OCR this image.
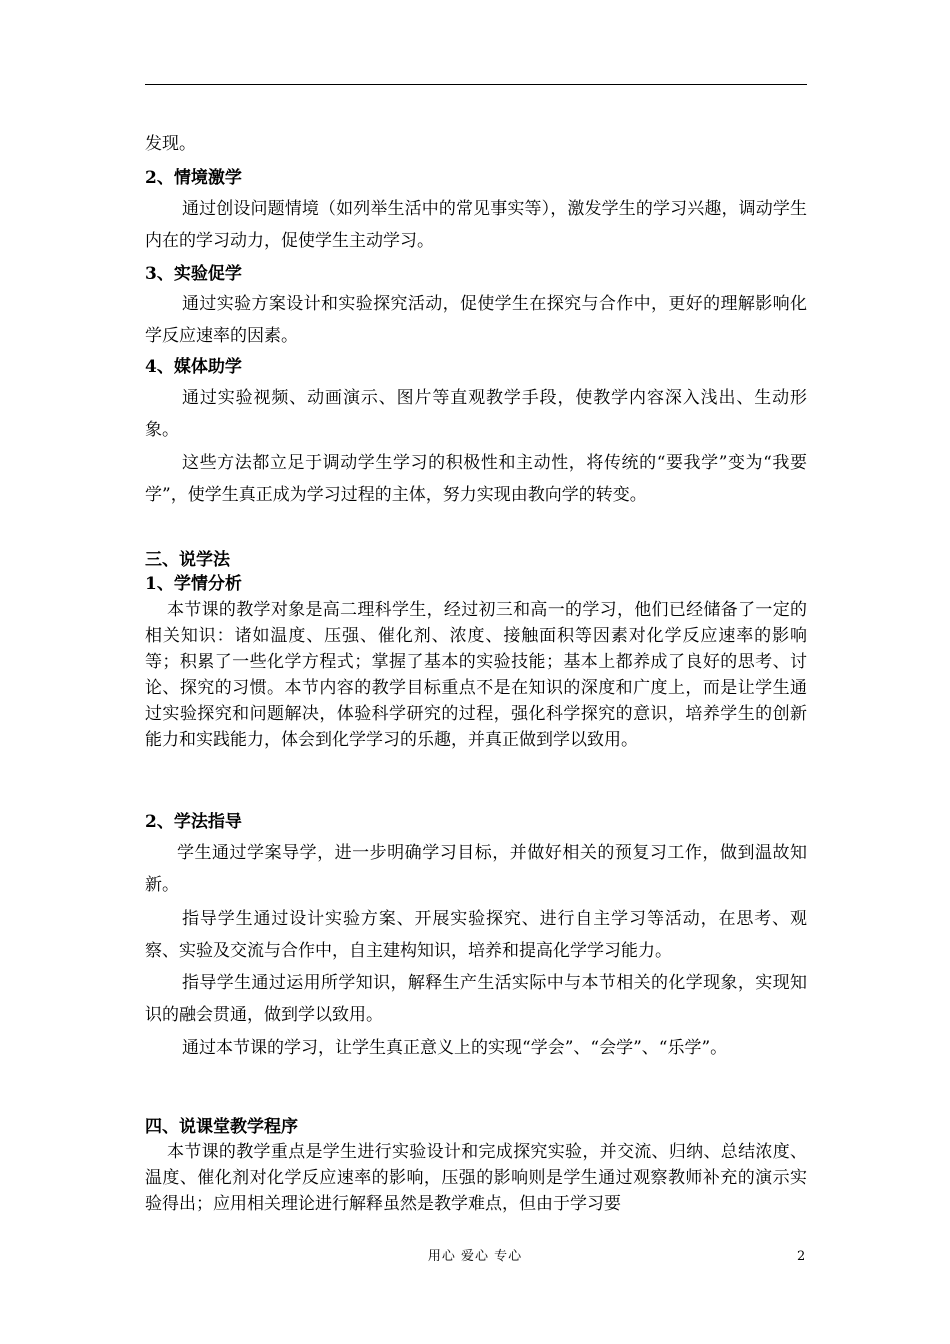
发现。

2、情境激学

通过创设问题情境（如列举生活中的常见事实等），激发学生的学习兴趣，调动学生内在的学习动力，促使学生主动学习。

3、实验促学

通过实验方案设计和实验探究活动，促使学生在探究与合作中，更好的理解影响化学反应速率的因素。

4、媒体助学

通过实验视频、动画演示、图片等直观教学手段，使教学内容深入浅出、生动形象。

这些方法都立足于调动学生学习的积极性和主动性，将传统的“要我学”变为“我要学”，使学生真正成为学习过程的主体，努力实现由教向学的转变。

三、说学法

1、学情分析

本节课的教学对象是高二理科学生，经过初三和高一的学习，他们已经储备了一定的相关知识：诸如温度、压强、催化剂、浓度、接触面积等因素对化学反应速率的影响等；积累了一些化学方程式；掌握了基本的实验技能；基本上都养成了良好的思考、讨论、探究的习惯。本节内容的教学目标重点不是在知识的深度和广度上，而是让学生通过实验探究和问题解决，体验科学研究的过程，强化科学探究的意识，培养学生的创新能力和实践能力，体会到化学学习的乐趣，并真正做到学以致用。

2、学法指导

学生通过学案导学，进一步明确学习目标，并做好相关的预复习工作，做到温故知新。

指导学生通过设计实验方案、开展实验探究、进行自主学习等活动，在思考、观察、实验及交流与合作中，自主建构知识，培养和提高化学学习能力。

指导学生通过运用所学知识，解释生产生活实际中与本节相关的化学现象，实现知识的融会贯通，做到学以致用。

通过本节课的学习，让学生真正意义上的实现“学会”、“会学”、“乐学”。

四、说课堂教学程序

本节课的教学重点是学生进行实验设计和完成探究实验，并交流、归纳、总结浓度、温度、催化剂对化学反应速率的影响，压强的影响则是学生通过观察教师补充的演示实验得出；应用相关理论进行解释虽然是教学难点，但由于学习要

用心 爱心 专心	2
